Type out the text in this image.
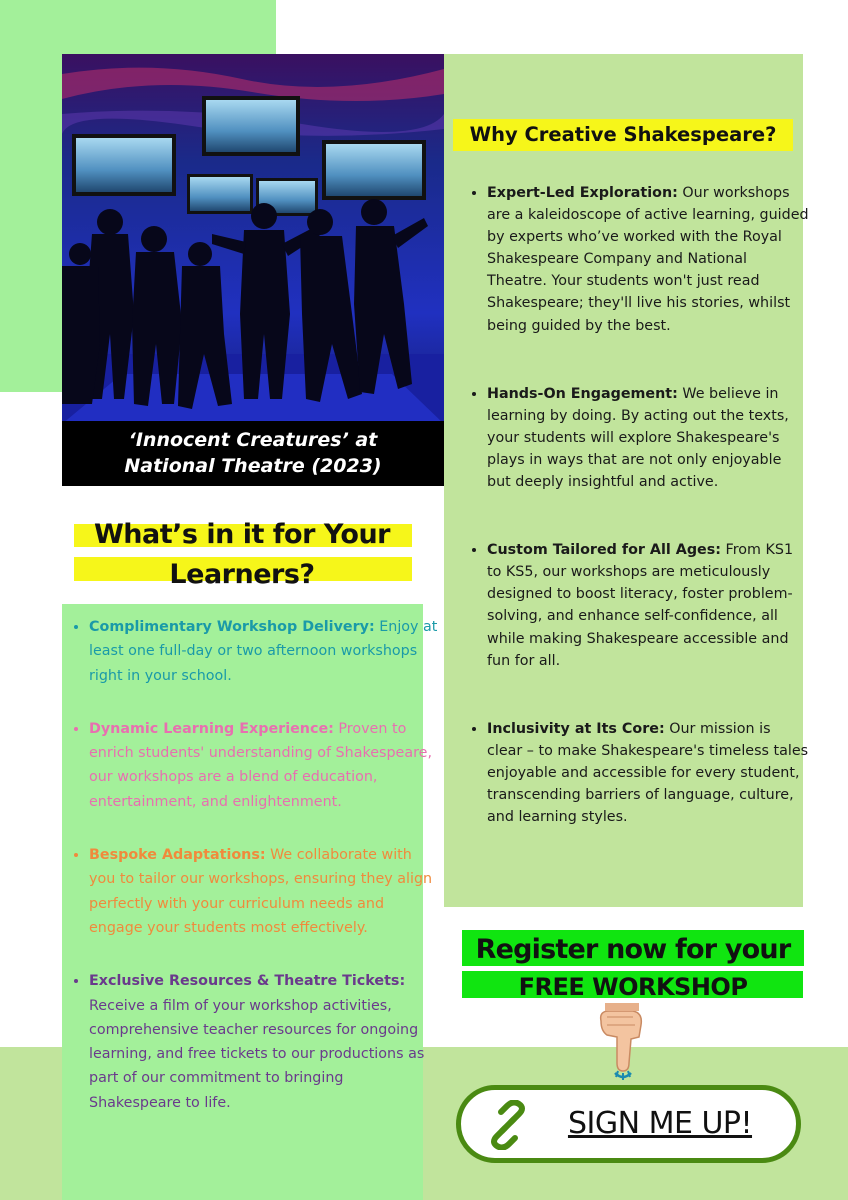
‘Innocent Creatures’ at
National Theatre (2023)
Why Creative Shakespeare?
• Expert-Led Exploration: Our workshops are a kaleidoscope of active learning, guided by experts who’ve worked with the Royal Shakespeare Company and National Theatre. Your students won't just read Shakespeare; they'll live his stories, whilst being guided by the best.
• Hands-On Engagement: We believe in learning by doing. By acting out the texts, your students will explore Shakespeare's plays in ways that are not only enjoyable but deeply insightful and active.
• Custom Tailored for All Ages: From KS1 to KS5, our workshops are meticulously designed to boost literacy, foster problem-solving, and enhance self-confidence, all while making Shakespeare accessible and fun for all.
• Inclusivity at Its Core: Our mission is clear – to make Shakespeare's timeless tales enjoyable and accessible for every student, transcending barriers of language, culture, and learning styles.
What’s in it for Your
Learners?
• Complimentary Workshop Delivery: Enjoy at least one full-day or two afternoon workshops right in your school.
• Dynamic Learning Experience: Proven to enrich students' understanding of Shakespeare, our workshops are a blend of education, entertainment, and enlightenment.
• Bespoke Adaptations: We collaborate with you to tailor our workshops, ensuring they align perfectly with your curriculum needs and engage your students most effectively.
• Exclusive Resources & Theatre Tickets: Receive a film of your workshop activities, comprehensive teacher resources for ongoing learning, and free tickets to our productions as part of our commitment to bringing Shakespeare to life.
Register now for your
FREE WORKSHOP
SIGN ME UP!
